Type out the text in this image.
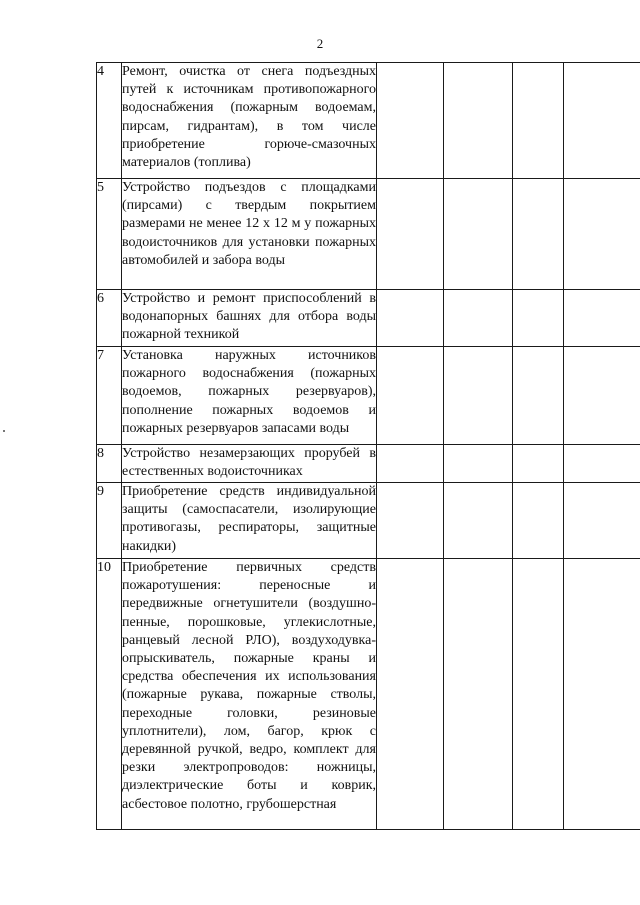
2
4	Ремонт, очистка от снега подъездных путей к источникам противопожарного водоснабжения (пожарным водоемам, пирсам, гидрантам), в том числе приобретение горюче-смазочных материалов (топлива)				

5	Устройство подъездов с площадками (пирсами) с твердым покрытием размерами не менее 12 х 12 м у пожарных водоисточников для установки пожарных автомобилей и забора воды				

6	Устройство и ремонт приспособлений в водонапорных башнях для отбора воды пожарной техникой				

7	Установка наружных источников пожарного водоснабжения (пожарных водоемов, пожарных резервуаров), пополнение пожарных водоемов и пожарных резервуаров запасами воды				

8	Устройство незамерзающих прорубей в естественных водоисточниках				

9	Приобретение средств индивидуальной защиты (самоспасатели, изолирующие противогазы, респираторы, защитные накидки)				

10	Приобретение первичных средств пожаротушения: переносные и передвижные огнетушители (воздушно-пенные, порошковые, углекислотные, ранцевый лесной РЛО), воздуходувка-опрыскиватель, пожарные краны и средства обеспечения их использования (пожарные рукава, пожарные стволы, переходные головки, резиновые уплотнители), лом, багор, крюк с деревянной ручкой, ведро, комплект для резки электропроводов: ножницы, диэлектрические боты и коврик, асбестовое полотно, грубошерстная				
